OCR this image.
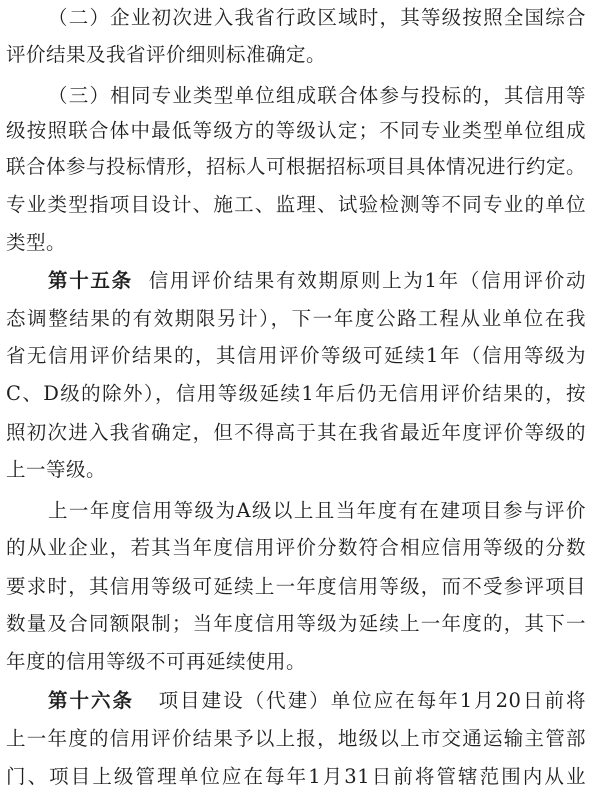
（二）企业初次进入我省行政区域时，其等级按照全国综合
评价结果及我省评价细则标准确定。
（三）相同专业类型单位组成联合体参与投标的，其信用等
级按照联合体中最低等级方的等级认定；不同专业类型单位组成
联合体参与投标情形，招标人可根据招标项目具体情况进行约定。
专业类型指项目设计、施工、监理、试验检测等不同专业的单位
类型。
第十五条 信用评价结果有效期原则上为1年（信用评价动
态调整结果的有效期限另计），下一年度公路工程从业单位在我
省无信用评价结果的，其信用评价等级可延续1年（信用等级为
C、D级的除外），信用等级延续1年后仍无信用评价结果的，按
照初次进入我省确定，但不得高于其在我省最近年度评价等级的
上一等级。
上一年度信用等级为A级以上且当年度有在建项目参与评价
的从业企业，若其当年度信用评价分数符合相应信用等级的分数
要求时，其信用等级可延续上一年度信用等级，而不受参评项目
数量及合同额限制；当年度信用等级为延续上一年度的，其下一
年度的信用等级不可再延续使用。
第十六条 项目建设（代建）单位应在每年1月20日前将
上一年度的信用评价结果予以上报，地级以上市交通运输主管部
门、项目上级管理单位应在每年1月31日前将管辖范围内从业
